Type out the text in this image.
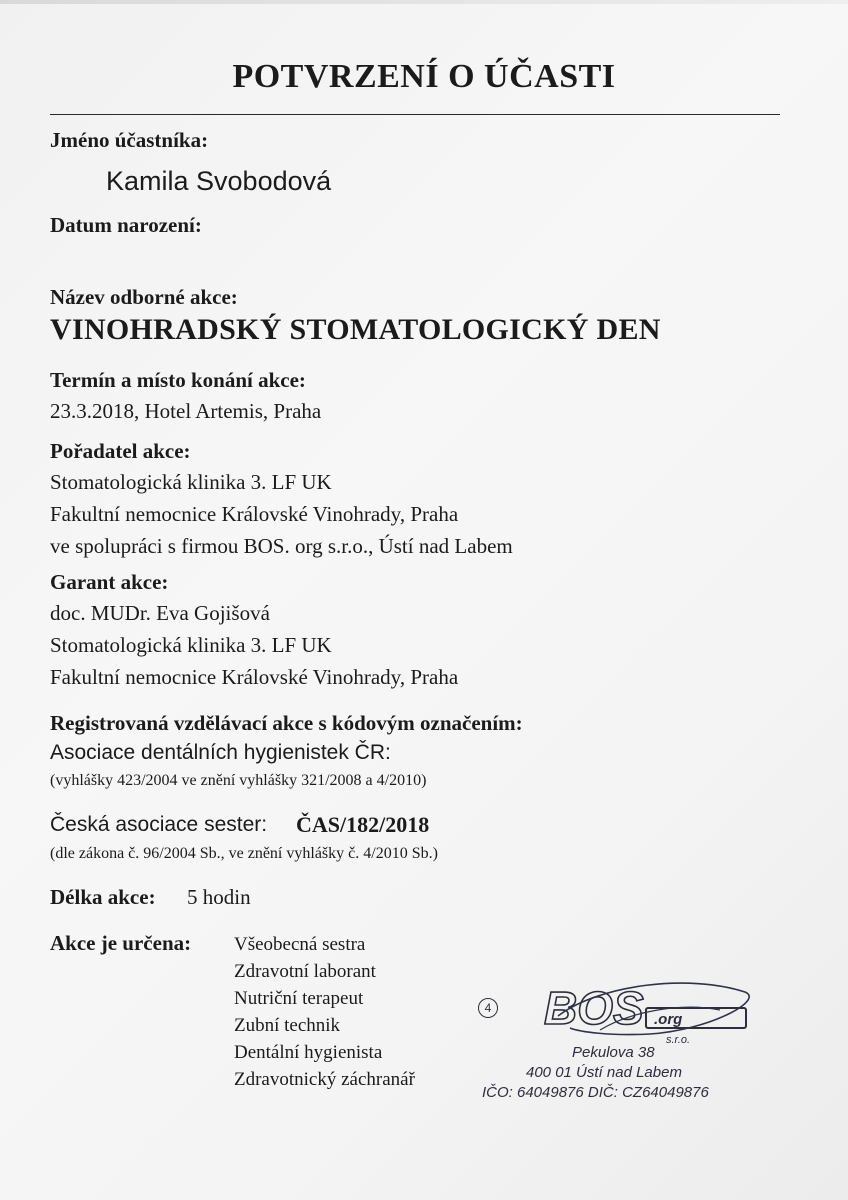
POTVRZENÍ O ÚČASTI
Jméno účastníka:
Kamila Svobodová
Datum narození:
Název odborné akce:
VINOHRADSKÝ STOMATOLOGICKÝ DEN
Termín a místo konání akce:
23.3.2018, Hotel Artemis, Praha
Pořadatel akce:
Stomatologická klinika 3. LF UK
Fakultní nemocnice Královské Vinohrady, Praha
ve spolupráci s firmou BOS. org s.r.o., Ústí nad Labem
Garant akce:
doc. MUDr. Eva Gojišová
Stomatologická klinika 3. LF UK
Fakultní nemocnice Královské Vinohrady, Praha
Registrovaná vzdělávací akce s kódovým označením:
Asociace dentálních hygienistek ČR:
(vyhlášky 423/2004 ve znění vyhlášky 321/2008 a 4/2010)
Česká asociace sester: ČAS/182/2018
(dle zákona č. 96/2004 Sb., ve znění vyhlášky č. 4/2010 Sb.)
Délka akce: 5 hodin
Akce je určena: Všeobecná sestra
Zdravotní laborant
Nutriční terapeut
Zubní technik
Dentální hygienista
Zdravotnický záchranář
4 BOS .org
s.r.o.
Pekulova 38
400 01 Ústí nad Labem
IČO: 64049876 DIČ: CZ64049876
